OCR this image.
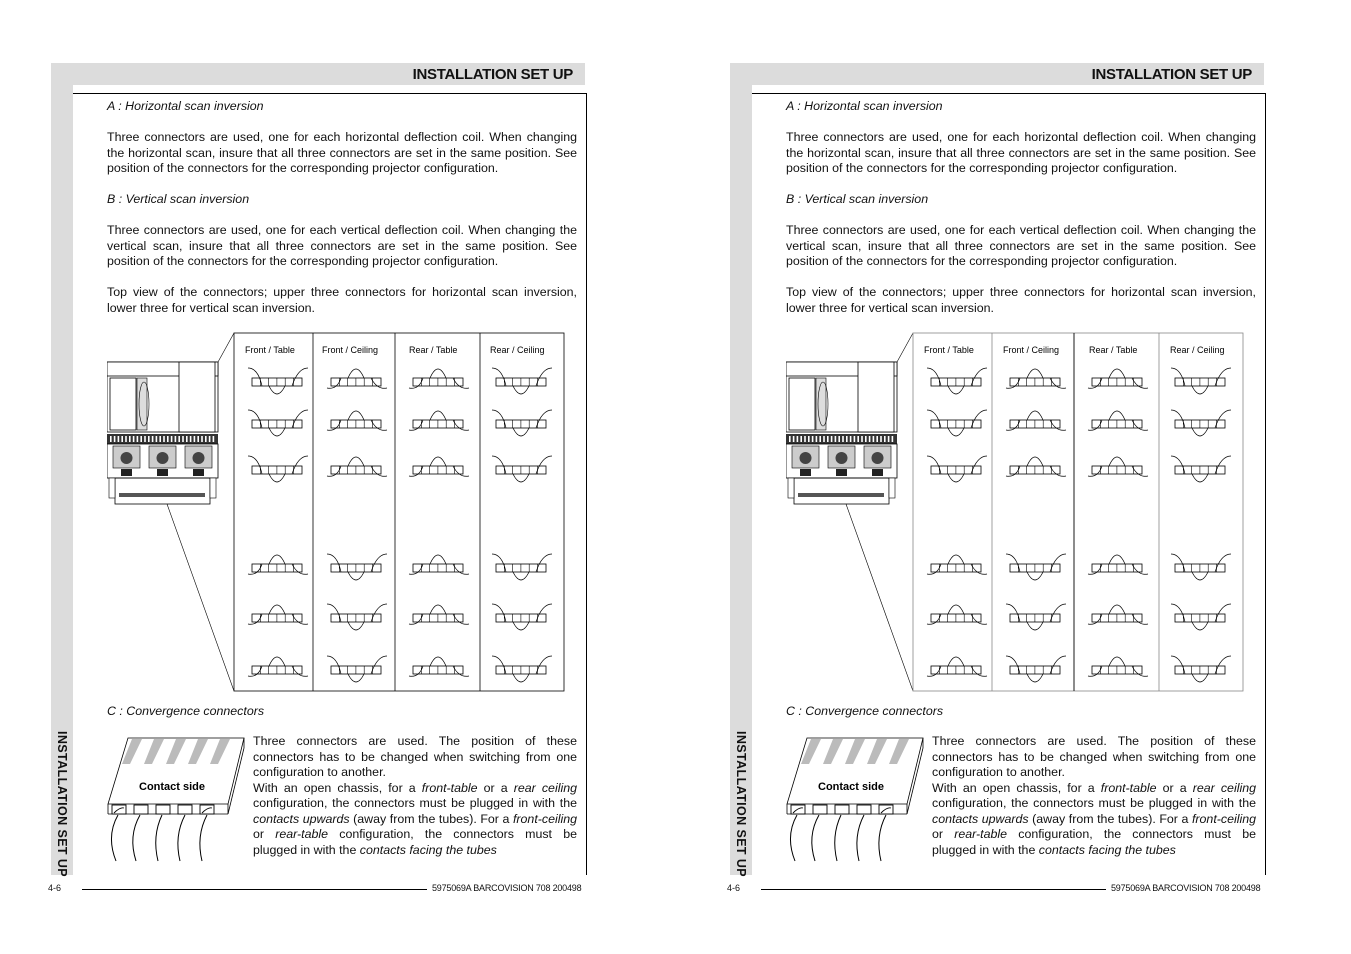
INSTALLATION SET UP
INSTALLATION SET UP

A : Horizontal scan inversion

Three connectors are used, one for each horizontal deflection coil. When changing the horizontal scan, insure that all three connectors are set in the same position. See position of the connectors for the corresponding projector configuration.

B : Vertical scan inversion

Three connectors are used, one for each vertical deflection coil. When changing the vertical scan, insure that all three connectors are set in the same position. See position of the connectors for the corresponding projector configuration.

Top view of the connectors; upper three connectors for horizontal scan inversion, lower three for vertical scan inversion.

Front / Table	Front / Ceiling	Rear / Table	Rear / Ceiling
C : Convergence connectors
Contact side
Three connectors are used. The position of these connectors has to be changed when switching from one configuration to another.
With an open chassis, for a front-table or a rear ceiling configuration, the connectors must be plugged in with the contacts upwards (away from the tubes). For a front-ceiling or rear-table configuration, the connectors must be plugged in with the contacts facing the tubes
4-6	5975069A BARCOVISION 708 200498
INSTALLATION SET UP
INSTALLATION SET UP

A : Horizontal scan inversion

Three connectors are used, one for each horizontal deflection coil. When changing the horizontal scan, insure that all three connectors are set in the same position. See position of the connectors for the corresponding projector configuration.

B : Vertical scan inversion

Three connectors are used, one for each vertical deflection coil. When changing the vertical scan, insure that all three connectors are set in the same position. See position of the connectors for the corresponding projector configuration.

Top view of the connectors; upper three connectors for horizontal scan inversion, lower three for vertical scan inversion.

Front / Table	Front / Ceiling	Rear / Table	Rear / Ceiling
C : Convergence connectors
Contact side
Three connectors are used. The position of these connectors has to be changed when switching from one configuration to another.
With an open chassis, for a front-table or a rear ceiling configuration, the connectors must be plugged in with the contacts upwards (away from the tubes). For a front-ceiling or rear-table configuration, the connectors must be plugged in with the contacts facing the tubes
4-6	5975069A BARCOVISION 708 200498
